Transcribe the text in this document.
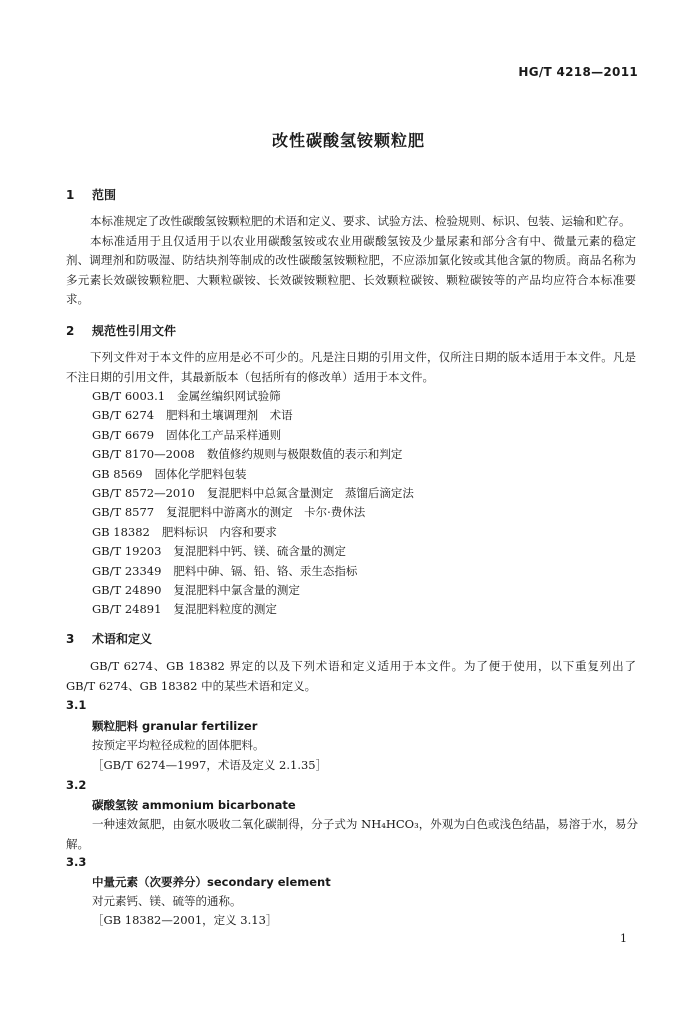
HG/T 4218—2011
改性碳酸氢铵颗粒肥
1 范围

本标准规定了改性碳酸氢铵颗粒肥的术语和定义、要求、试验方法、检验规则、标识、包装、运输和贮存。

本标准适用于且仅适用于以农业用碳酸氢铵或农业用碳酸氢铵及少量尿素和部分含有中、微量元素的稳定剂、调理剂和防吸湿、防结块剂等制成的改性碳酸氢铵颗粒肥，不应添加氯化铵或其他含氯的物质。商品名称为多元素长效碳铵颗粒肥、大颗粒碳铵、长效碳铵颗粒肥、长效颗粒碳铵、颗粒碳铵等的产品均应符合本标准要求。

2 规范性引用文件

下列文件对于本文件的应用是必不可少的。凡是注日期的引用文件，仅所注日期的版本适用于本文件。凡是不注日期的引用文件，其最新版本（包括所有的修改单）适用于本文件。

GB/T 6003.1 金属丝编织网试验筛
GB/T 6274 肥料和土壤调理剂　术语
GB/T 6679 固体化工产品采样通则
GB/T 8170—2008 数值修约规则与极限数值的表示和判定
GB 8569 固体化学肥料包装
GB/T 8572—2010 复混肥料中总氮含量测定　蒸馏后滴定法
GB/T 8577 复混肥料中游离水的测定　卡尔·费休法
GB 18382 肥料标识　内容和要求
GB/T 19203 复混肥料中钙、镁、硫含量的测定
GB/T 23349 肥料中砷、镉、铅、铬、汞生态指标
GB/T 24890 复混肥料中氯含量的测定
GB/T 24891 复混肥料粒度的测定
3 术语和定义

GB/T 6274、GB 18382 界定的以及下列术语和定义适用于本文件。为了便于使用，以下重复列出了 GB/T 6274、GB 18382 中的某些术语和定义。

3.1
颗粒肥料 granular fertilizer
按预定平均粒径成粒的固体肥料。
［GB/T 6274—1997，术语及定义 2.1.35］
3.2
碳酸氢铵 ammonium bicarbonate
一种速效氮肥，由氨水吸收二氧化碳制得，分子式为 NH₄HCO₃，外观为白色或浅色结晶，易溶于水，易分解。
3.3
中量元素（次要养分）secondary element
对元素钙、镁、硫等的通称。
［GB 18382—2001，定义 3.13］
1
